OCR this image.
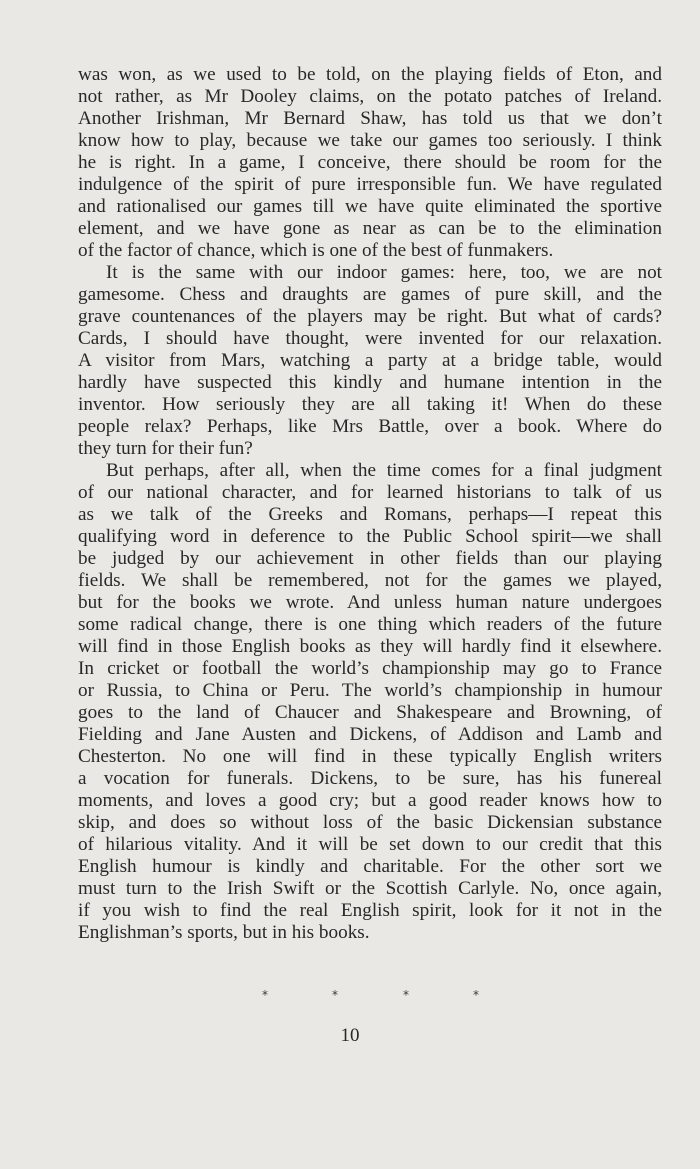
was won, as we used to be told, on the playing fields of Eton, and
not rather, as Mr Dooley claims, on the potato patches of Ireland.
Another Irishman, Mr Bernard Shaw, has told us that we don’t
know how to play, because we take our games too seriously. I think
he is right. In a game, I conceive, there should be room for the
indulgence of the spirit of pure irresponsible fun. We have regulated
and rationalised our games till we have quite eliminated the sportive
element, and we have gone as near as can be to the elimination
of the factor of chance, which is one of the best of funmakers.
It is the same with our indoor games: here, too, we are not
gamesome. Chess and draughts are games of pure skill, and the
grave countenances of the players may be right. But what of cards?
Cards, I should have thought, were invented for our relaxation.
A visitor from Mars, watching a party at a bridge table, would
hardly have suspected this kindly and humane intention in the
inventor. How seriously they are all taking it! When do these
people relax? Perhaps, like Mrs Battle, over a book. Where do
they turn for their fun?
But perhaps, after all, when the time comes for a final judgment
of our national character, and for learned historians to talk of us
as we talk of the Greeks and Romans, perhaps—I repeat this
qualifying word in deference to the Public School spirit—we shall
be judged by our achievement in other fields than our playing
fields. We shall be remembered, not for the games we played,
but for the books we wrote. And unless human nature undergoes
some radical change, there is one thing which readers of the future
will find in those English books as they will hardly find it elsewhere.
In cricket or football the world’s championship may go to France
or Russia, to China or Peru. The world’s championship in humour
goes to the land of Chaucer and Shakespeare and Browning, of
Fielding and Jane Austen and Dickens, of Addison and Lamb and
Chesterton. No one will find in these typically English writers
a vocation for funerals. Dickens, to be sure, has his funereal
moments, and loves a good cry; but a good reader knows how to
skip, and does so without loss of the basic Dickensian substance
of hilarious vitality. And it will be set down to our credit that this
English humour is kindly and charitable. For the other sort we
must turn to the Irish Swift or the Scottish Carlyle. No, once again,
if you wish to find the real English spirit, look for it not in the
Englishman’s sports, but in his books.
*	*	*	*
10
